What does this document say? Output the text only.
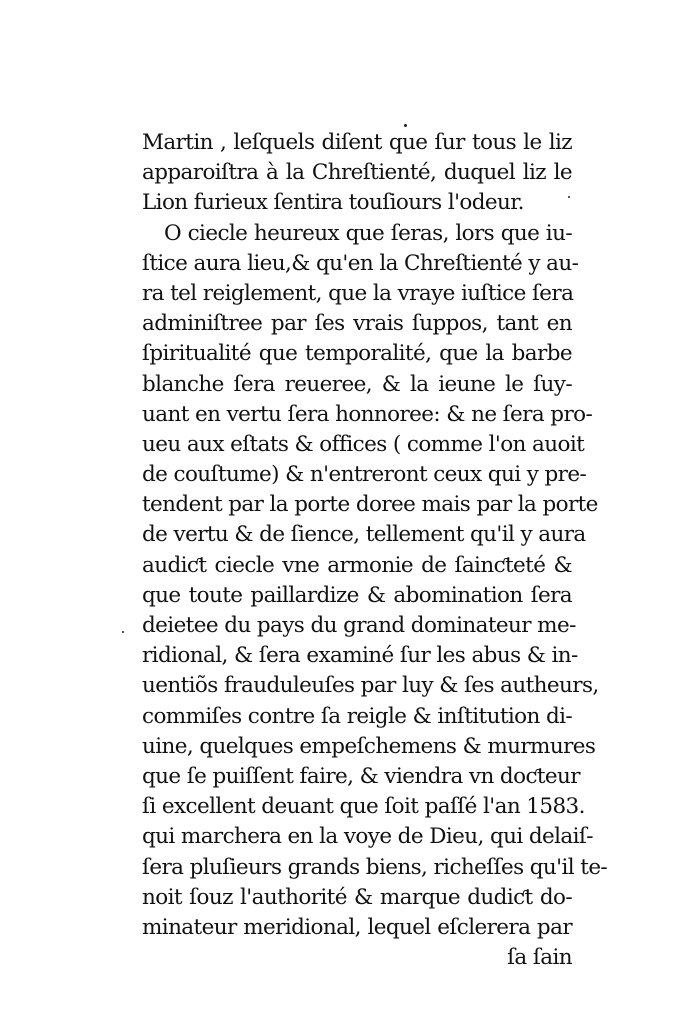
Martin , leſquels diſent que ſur tous le liz
apparoiſtra à la Chreſtienté, duquel liz le
Lion furieux ſentira touſiours l'odeur.
O ciecle heureux que ſeras, lors que iu-
ſtice aura lieu,& qu'en la Chreſtienté y au-
ra tel reiglement, que la vraye iuſtice ſera
adminiſtree par ſes vrais ſuppos, tant en
ſpiritualité que temporalité, que la barbe
blanche ſera reueree, & la ieune le ſuy-
uant en vertu ſera honnoree: & ne ſera pro-
ueu aux eſtats & offices ( comme l'on auoit
de couſtume) & n'entreront ceux qui y pre-
tendent par la porte doree mais par la porte
de vertu & de ſience, tellement qu'il y aura
audiƈt ciecle vne armonie de ſainƈteté &
que toute paillardize & abomination ſera
deietee du pays du grand dominateur me-
ridional, & ſera examiné ſur les abus & in-
uentiõs frauduleuſes par luy & ſes autheurs,
commiſes contre ſa reigle & inſtitution di-
uine, quelques empeſchemens & murmures
que ſe puiſſent faire, & viendra vn doƈteur
ſi excellent deuant que ſoit paſſé l'an 1583.
qui marchera en la voye de Dieu, qui delaiſ-
ſera pluſieurs grands biens, richeſſes qu'il te-
noit ſouz l'authorité & marque dudiƈt do-
minateur meridional, lequel eſclerera par
ſa ſain
